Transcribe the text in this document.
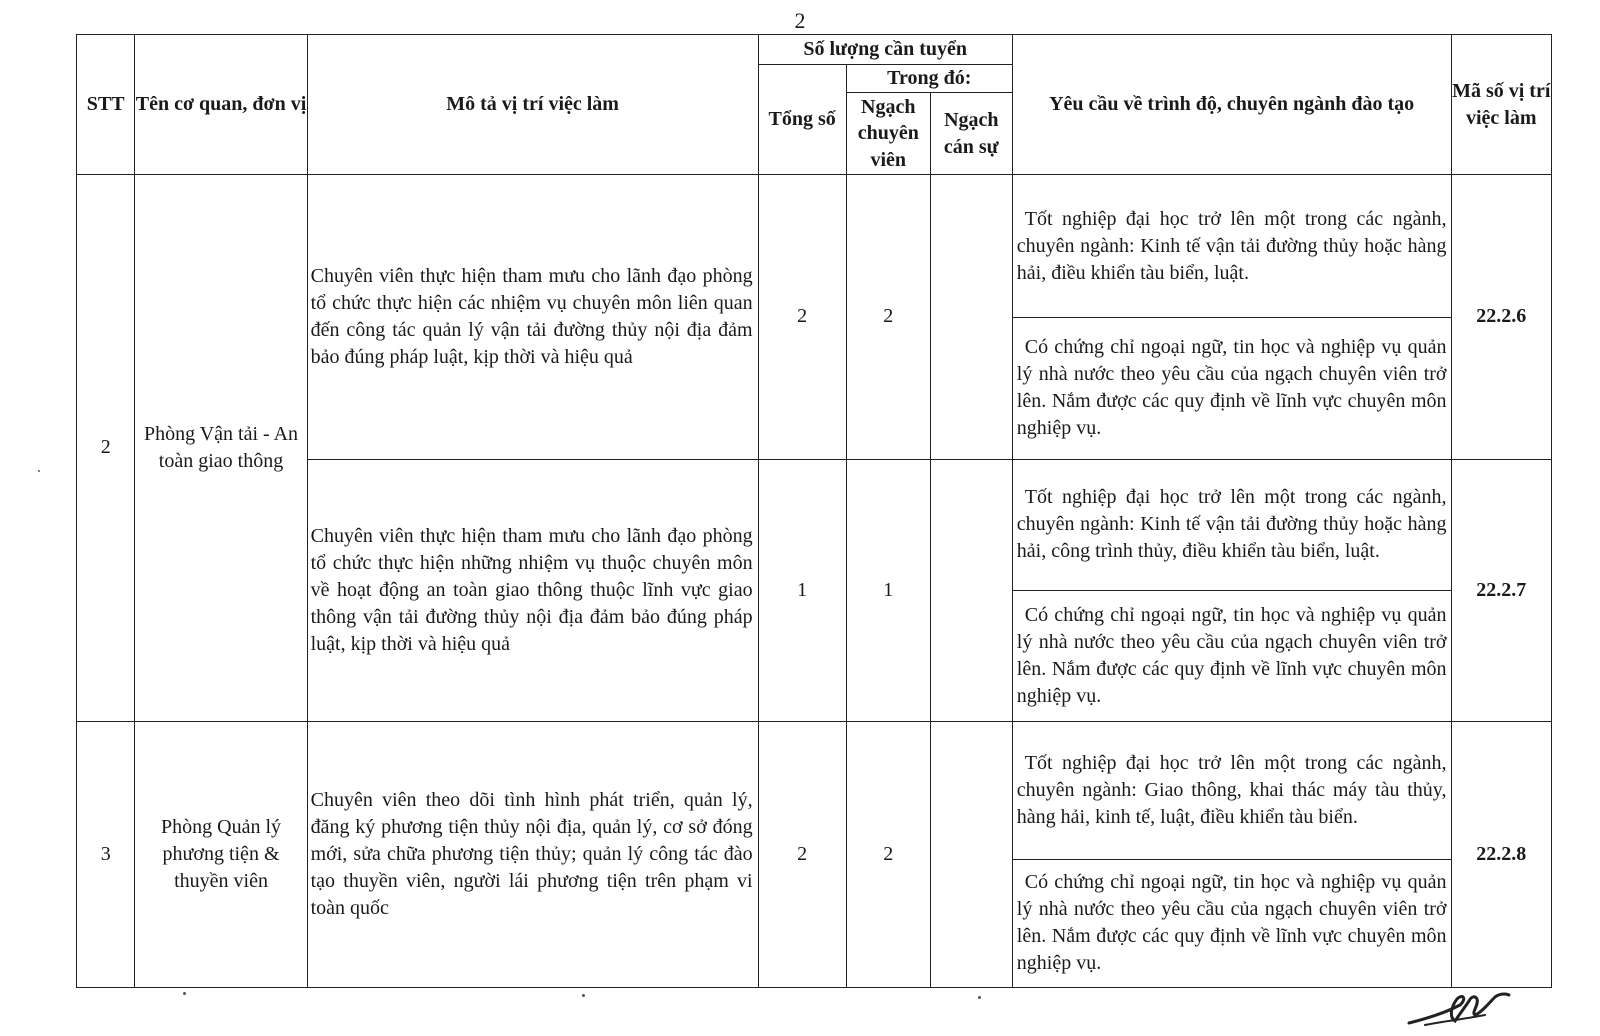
2
STT	Tên cơ quan, đơn vị	Mô tả vị trí việc làm	Số lượng cần tuyển			Yêu cầu về trình độ, chuyên ngành đào tạo	Mã số vị trí việc làm
			Tổng số	Trong đó:			
				Ngạch chuyên viên	Ngạch cán sự		
2	Phòng Vận tải - An toàn giao thông	Chuyên viên thực hiện tham mưu cho lãnh đạo phòng tổ chức thực hiện các nhiệm vụ chuyên môn liên quan đến công tác quản lý vận tải đường thủy nội địa đảm bảo đúng pháp luật, kịp thời và hiệu quả	2	2		Tốt nghiệp đại học trở lên một trong các ngành, chuyên ngành: Kinh tế vận tải đường thủy hoặc hàng hải, điều khiển tàu biển, luật.	22.2.6
						Có chứng chỉ ngoại ngữ, tin học và nghiệp vụ quản lý nhà nước theo yêu cầu của ngạch chuyên viên trở lên. Nắm được các quy định về lĩnh vực chuyên môn nghiệp vụ.	
		Chuyên viên thực hiện tham mưu cho lãnh đạo phòng tổ chức thực hiện những nhiệm vụ thuộc chuyên môn về hoạt động an toàn giao thông thuộc lĩnh vực giao thông vận tải đường thủy nội địa đảm bảo đúng pháp luật, kịp thời và hiệu quả	1	1		Tốt nghiệp đại học trở lên một trong các ngành, chuyên ngành: Kinh tế vận tải đường thủy hoặc hàng hải, công trình thủy, điều khiển tàu biển, luật.	22.2.7
						Có chứng chỉ ngoại ngữ, tin học và nghiệp vụ quản lý nhà nước theo yêu cầu của ngạch chuyên viên trở lên. Nắm được các quy định về lĩnh vực chuyên môn nghiệp vụ.	
3	Phòng Quản lý phương tiện & thuyền viên	Chuyên viên theo dõi tình hình phát triển, quản lý, đăng ký phương tiện thủy nội địa, quản lý, cơ sở đóng mới, sửa chữa phương tiện thủy; quản lý công tác đào tạo thuyền viên, người lái phương tiện trên phạm vi toàn quốc	2	2		Tốt nghiệp đại học trở lên một trong các ngành, chuyên ngành: Giao thông, khai thác máy tàu thủy, hàng hải, kinh tế, luật, điều khiển tàu biển.	22.2.8
						Có chứng chỉ ngoại ngữ, tin học và nghiệp vụ quản lý nhà nước theo yêu cầu của ngạch chuyên viên trở lên. Nắm được các quy định về lĩnh vực chuyên môn nghiệp vụ.	
